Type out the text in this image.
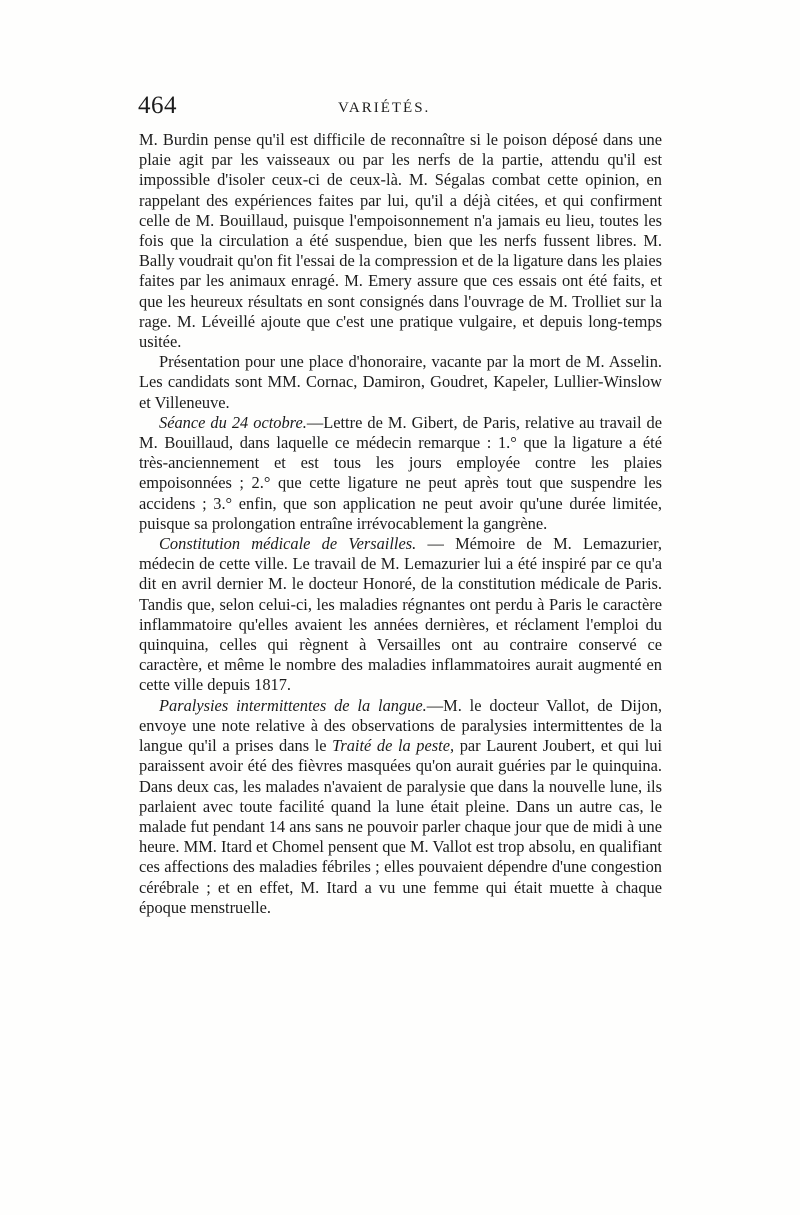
464	VARIÉTÉS.

M. Burdin pense qu'il est difficile de reconnaître si le poison déposé dans une plaie agit par les vaisseaux ou par les nerfs de la partie, attendu qu'il est impossible d'isoler ceux-ci de ceux-là. M. Ségalas combat cette opinion, en rappelant des expériences faites par lui, qu'il a déjà citées, et qui confirment celle de M. Bouillaud, puisque l'empoisonnement n'a jamais eu lieu, toutes les fois que la circulation a été suspendue, bien que les nerfs fussent libres. M. Bally voudrait qu'on fit l'essai de la compression et de la ligature dans les plaies faites par les animaux enragé. M. Emery assure que ces essais ont été faits, et que les heureux résultats en sont consignés dans l'ouvrage de M. Trolliet sur la rage. M. Léveillé ajoute que c'est une pratique vulgaire, et depuis long-temps usitée.

Présentation pour une place d'honoraire, vacante par la mort de M. Asselin. Les candidats sont MM. Cornac, Damiron, Goudret, Kapeler, Lullier-Winslow et Villeneuve.

Séance du 24 octobre.—Lettre de M. Gibert, de Paris, relative au travail de M. Bouillaud, dans laquelle ce médecin remarque : 1.° que la ligature a été très-anciennement et est tous les jours employée contre les plaies empoisonnées ; 2.° que cette ligature ne peut après tout que suspendre les accidens ; 3.° enfin, que son application ne peut avoir qu'une durée limitée, puisque sa prolongation entraîne irrévocablement la gangrène.

Constitution médicale de Versailles. — Mémoire de M. Lemazurier, médecin de cette ville. Le travail de M. Lemazurier lui a été inspiré par ce qu'a dit en avril dernier M. le docteur Honoré, de la constitution médicale de Paris. Tandis que, selon celui-ci, les maladies régnantes ont perdu à Paris le caractère inflammatoire qu'elles avaient les années dernières, et réclament l'emploi du quinquina, celles qui règnent à Versailles ont au contraire conservé ce caractère, et même le nombre des maladies inflammatoires aurait augmenté en cette ville depuis 1817.

Paralysies intermittentes de la langue.—M. le docteur Vallot, de Dijon, envoye une note relative à des observations de paralysies intermittentes de la langue qu'il a prises dans le Traité de la peste, par Laurent Joubert, et qui lui paraissent avoir été des fièvres masquées qu'on aurait guéries par le quinquina. Dans deux cas, les malades n'avaient de paralysie que dans la nouvelle lune, ils parlaient avec toute facilité quand la lune était pleine. Dans un autre cas, le malade fut pendant 14 ans sans ne pouvoir parler chaque jour que de midi à une heure. MM. Itard et Chomel pensent que M. Vallot est trop absolu, en qualifiant ces affections des maladies fébriles ; elles pouvaient dépendre d'une congestion cérébrale ; et en effet, M. Itard a vu une femme qui était muette à chaque époque menstruelle.
